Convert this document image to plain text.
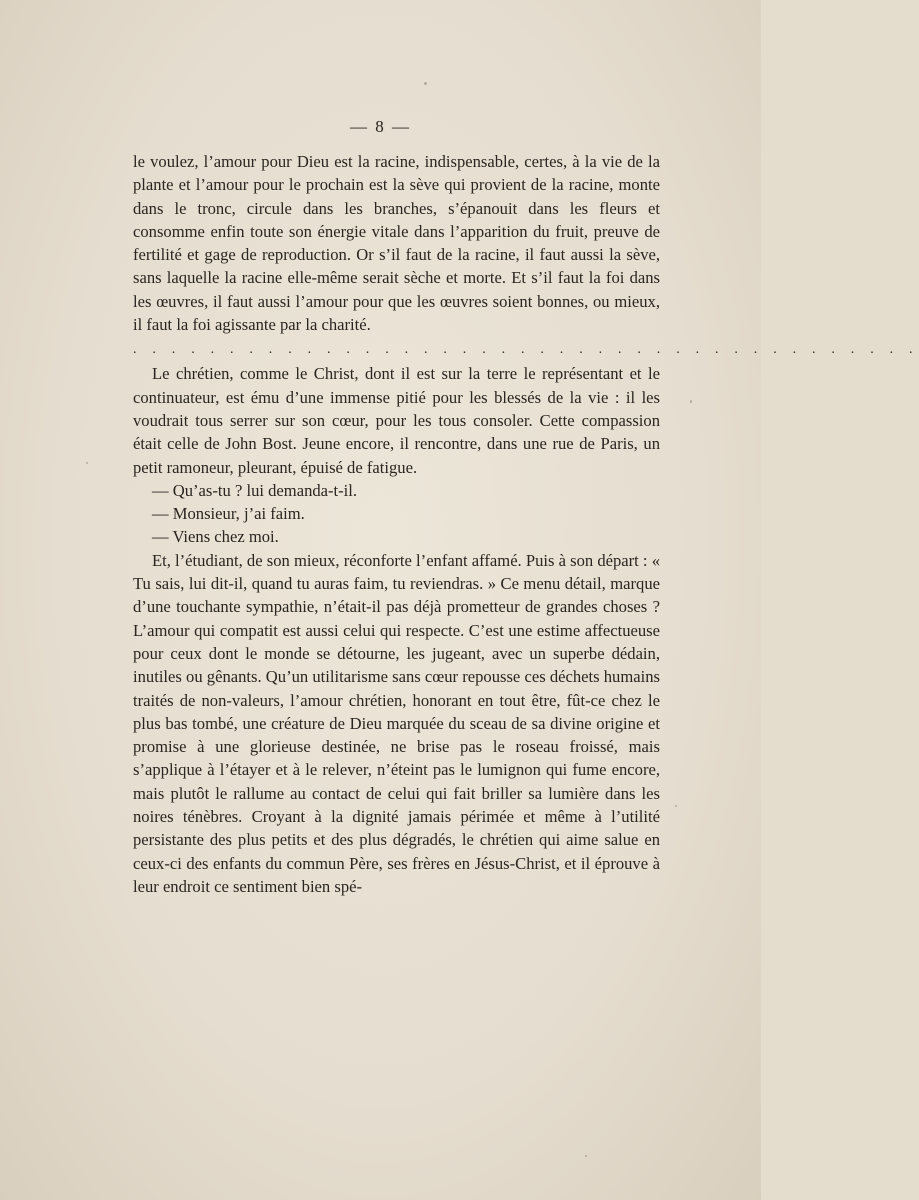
— 8 —

le voulez, l’amour pour Dieu est la racine, indispensable, certes, à la vie de la plante et l’amour pour le prochain est la sève qui provient de la racine, monte dans le tronc, circule dans les branches, s’épanouit dans les fleurs et consomme enfin toute son énergie vitale dans l’apparition du fruit, preuve de fertilité et gage de reproduction. Or s’il faut de la racine, il faut aussi la sève, sans laquelle la racine elle-même serait sèche et morte. Et s’il faut la foi dans les œuvres, il faut aussi l’amour pour que les œuvres soient bonnes, ou mieux, il faut la foi agissante par la charité.

. . . . . . . . . . . . . . . . . . . . . . . . . . . . . . . . . . . . . . . . .

Le chrétien, comme le Christ, dont il est sur la terre le représentant et le continuateur, est ému d’une immense pitié pour les blessés de la vie : il les voudrait tous serrer sur son cœur, pour les tous consoler. Cette compassion était celle de John Bost. Jeune encore, il rencontre, dans une rue de Paris, un petit ramoneur, pleurant, épuisé de fatigue.

— Qu’as-tu ? lui demanda-t-il.

— Monsieur, j’ai faim.

— Viens chez moi.

Et, l’étudiant, de son mieux, réconforte l’enfant affamé. Puis à son départ : « Tu sais, lui dit-il, quand tu auras faim, tu reviendras. » Ce menu détail, marque d’une touchante sympathie, n’était-il pas déjà prometteur de grandes choses ? L’amour qui compatit est aussi celui qui respecte. C’est une estime affectueuse pour ceux dont le monde se détourne, les jugeant, avec un superbe dédain, inutiles ou gênants. Qu’un utilitarisme sans cœur repousse ces déchets humains traités de non-valeurs, l’amour chrétien, honorant en tout être, fût-ce chez le plus bas tombé, une créature de Dieu marquée du sceau de sa divine origine et promise à une glorieuse destinée, ne brise pas le roseau froissé, mais s’applique à l’étayer et à le relever, n’éteint pas le lumignon qui fume encore, mais plutôt le rallume au contact de celui qui fait briller sa lumière dans les noires ténèbres. Croyant à la dignité jamais périmée et même à l’utilité persistante des plus petits et des plus dégradés, le chrétien qui aime salue en ceux-ci des enfants du commun Père, ses frères en Jésus-Christ, et il éprouve à leur endroit ce sentiment bien spé-
